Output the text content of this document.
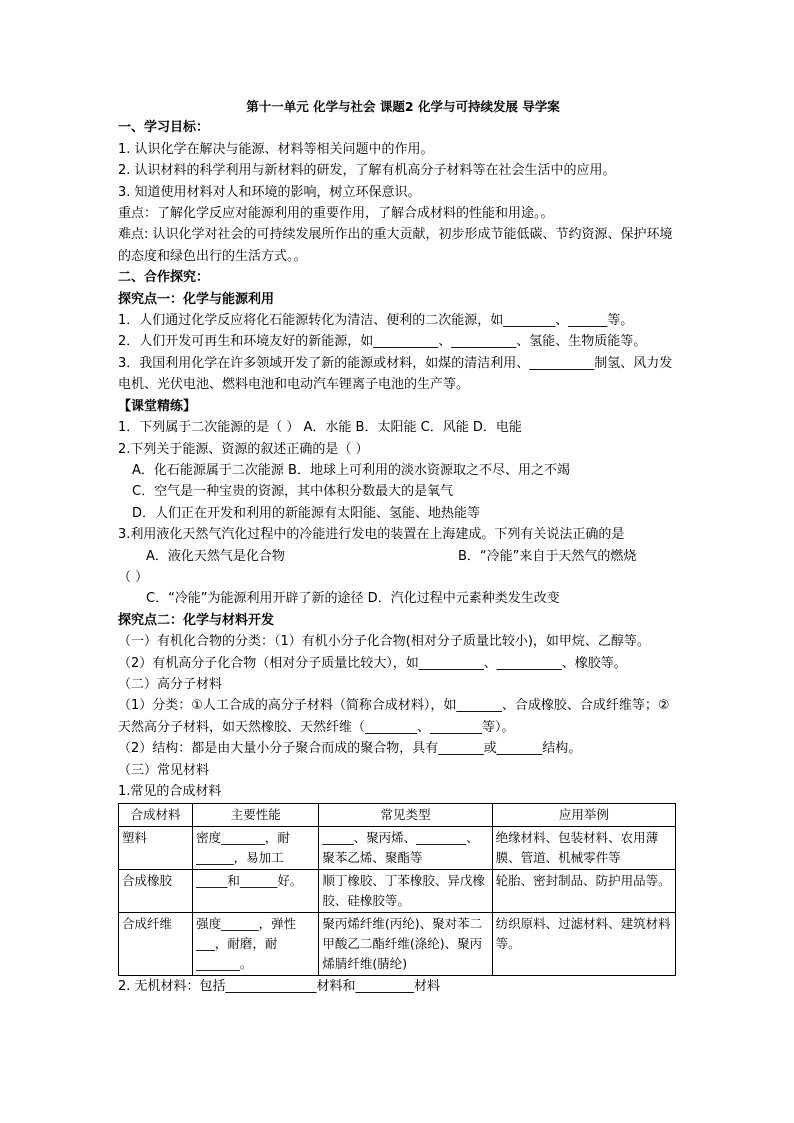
第十一单元 化学与社会 课题2 化学与可持续发展 导学案
一、学习目标：
1. 认识化学在解决与能源、材料等相关问题中的作用。
2. 认识材料的科学利用与新材料的研发，了解有机高分子材料等在社会生活中的应用。
3. 知道使用材料对人和环境的影响，树立环保意识。
重点：了解化学反应对能源利用的重要作用，了解合成材料的性能和用途。。
难点: 认识化学对社会的可持续发展所作出的重大贡献，初步形成节能低碳、节约资源、保护环境的态度和绿色出行的生活方式。。
二、合作探究：
探究点一：化学与能源利用
1．人们通过化学反应将化石能源转化为清洁、便利的二次能源，如________、______等。
2．人们开发可再生和环境友好的新能源，如__________、__________、氢能、生物质能等。
3．我国利用化学在许多领域开发了新的能源或材料，如煤的清洁利用、__________制氢、风力发电机、光伏电池、燃料电池和电动汽车锂离子电池的生产等。
【课堂精练】
1．下列属于二次能源的是（ ） A．水能 B．太阳能 C．风能 D．电能
2.下列关于能源、资源的叙述正确的是（ ）
A．化石能源属于二次能源 B．地球上可利用的淡水资源取之不尽、用之不竭
C．空气是一种宝贵的资源，其中体积分数最大的是氧气
D．人们正在开发和利用的新能源有太阳能、氢能、地热能等
3.利用液化天然气汽化过程中的冷能进行发电的装置在上海建成。下列有关说法正确的是
A．液化天然气是化合物	B．“冷能”来自于天然气的燃烧
（ ）
C．“冷能”为能源利用开辟了新的途径 D．汽化过程中元素种类发生改变
探究点二：化学与材料开发
（一）有机化合物的分类：（1）有机小分子化合物(相对分子质量比较小)，如甲烷、乙醇等。
（2）有机高分子化合物（相对分子质量比较大），如__________、__________、橡胶等。
（二）高分子材料
（1）分类：①人工合成的高分子材料（简称合成材料），如_______、合成橡胶、合成纤维等；②天然高分子材料，如天然橡胶、天然纤维（________、________等）。
（2）结构：都是由大量小分子聚合而成的聚合物，具有_______或_______结构。
（三）常见材料
1.常见的合成材料
合成材料	主要性能	常见类型	应用举例
塑料	密度_______，耐______，易加工	_____、聚丙烯、________、聚苯乙烯、聚酯等	绝缘材料、包装材料、农用薄膜、管道、机械零件等
合成橡胶	_____和______好。	顺丁橡胶、丁苯橡胶、异戊橡胶、硅橡胶等。	轮胎、密封制品、防护用品等。
合成纤维	强度______，弹性___，耐磨，耐_______。	聚丙烯纤维(丙纶)、聚对苯二甲酸乙二酯纤维(涤纶)、聚丙烯腈纤维(腈纶)	纺织原料、过滤材料、建筑材料等。
2. 无机材料：包括______________材料和_________材料
